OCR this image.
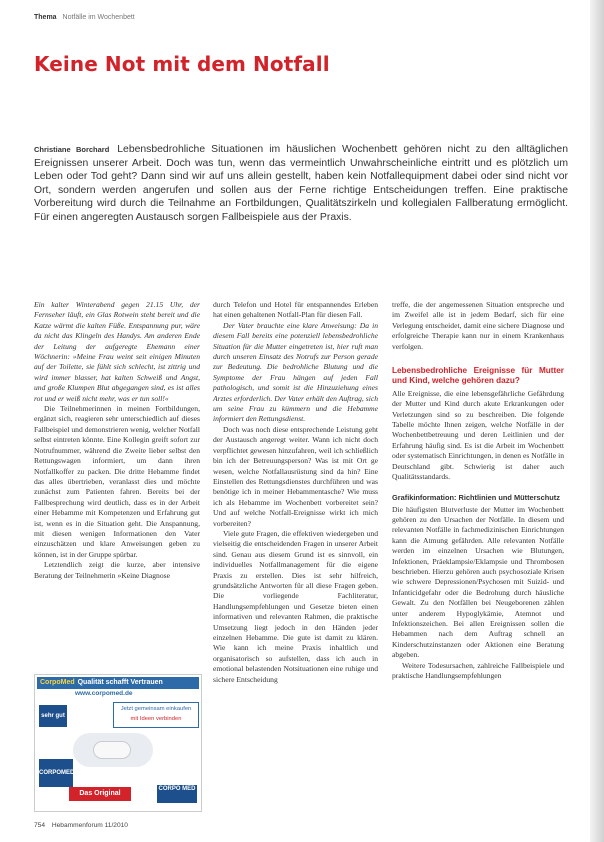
Thema Notfälle im Wochenbett
Keine Not mit dem Notfall
Christiane Borchard Lebensbedrohliche Situationen im häuslichen Wochenbett gehören nicht zu den alltäglichen Ereignissen unserer Arbeit. Doch was tun, wenn das vermeintlich Unwahrscheinliche eintritt und es plötzlich um Leben oder Tod geht? Dann sind wir auf uns allein gestellt, haben kein Notfallequipment dabei oder sind nicht vor Ort, sondern werden angerufen und sollen aus der Ferne richtige Entscheidungen treffen. Eine praktische Vorbereitung wird durch die Teilnahme an Fortbildungen, Qualitätszirkeln und kollegialen Fallberatung ermöglicht. Für einen angeregten Austausch sorgen Fallbeispiele aus der Praxis.

Ein kalter Winterabend gegen 21.15 Uhr, der Fernseher läuft, ein Glas Rotwein steht bereit und die Katze wärmt die kalten Füße. Entspannung pur, wäre da nicht das Klingeln des Handys. Am anderen Ende der Leitung der aufgeregte Ehemann einer Wöchnerin: »Meine Frau weint seit einigen Minuten auf der Toilette, sie fühlt sich schlecht, ist zittrig und wird immer blasser, hat kalten Schweiß und Angst, und große Klumpen Blut abgegangen sind, es ist alles rot und er weiß nicht mehr, was er tun soll!«

Die Teilnehmerinnen in meinen Fortbildungen, ergänzt sich, reagieren sehr unterschiedlich auf dieses Fallbeispiel und demonstrieren wenig, welcher Notfall selbst eintreten könnte. Eine Kollegin greift sofort zur Notrufnummer, während die Zweite lieber selbst den Rettungswagen informiert, um dann ihren Notfallkoffer zu packen. Die dritte Hebamme findet das alles übertrieben, veranlasst dies und möchte zunächst zum Patienten fahren. Bereits bei der Fallbesprechung wird deutlich, dass es in der Arbeit einer Hebamme mit Kompetenzen und Erfahrung gut ist, wenn es in die Situation geht. Die Anspannung, mit diesen wenigen Informationen den Vater einzuschätzen und klare Anweisungen geben zu können, ist in der Gruppe spürbar.

Letztendlich zeigt die kurze, aber intensive Beratung der Teilnehmerin »Keine Diagnose

durch Telefon und Hotel für entspannendes Erleben hat einen gehaltenen Notfall-Plan für diesen Fall.

Der Vater brauchte eine klare Anweisung: Da in diesem Fall bereits eine potenziell lebensbedrohliche Situation für die Mutter eingetreten ist, hier ruft man durch unseren Einsatz des Notrufs zur Person gerade zur Bedeutung. Die bedrohliche Blutung und die Symptome der Frau hängen auf jeden Fall pathologisch, und somit ist die Hinzuziehung eines Arztes erforderlich. Der Vater erhält den Auftrag, sich um seine Frau zu kümmern und die Hebamme informiert den Rettungsdienst.

Doch was noch diese entsprechende Leistung geht der Austausch angeregt weiter. Wann ich nicht doch verpflichtet gewesen hinzufahren, weil ich schließlich bin ich der Betreuungsperson? Was ist mit Ort ge wesen, welche Notfallausrüstung sind da hin? Eine Einstellen des Rettungsdienstes durchführen und was benötige ich in meiner Hebammentasche? Wie muss ich als Hebamme im Wochenbett vorbereitet sein? Und auf welche Notfall-Ereignisse wirkt ich mich vorbereiten?

Viele gute Fragen, die effektiven wiedergeben und vielseitig die entscheidenden Fragen in unserer Arbeit sind. Genau aus diesem Grund ist es sinnvoll, ein individuelles Notfallmanagement für die eigene Praxis zu erstellen. Dies ist sehr hilfreich, grundsätzliche Antworten für all diese Fragen geben. Die vorliegende Fachliteratur, Handlungsempfehlungen und Gesetze bieten einen informativen und relevanten Rahmen, die praktische Umsetzung liegt jedoch in den Händen jeder einzelnen Hebamme. Die gute ist damit zu klären. Wie kann ich meine Praxis inhaltlich und organisatorisch so aufstellen, dass ich auch in emotional belastenden Notsituationen eine ruhige und sichere Entscheidung

treffe, die der angemessenen Situation entspreche und im Zweifel alle ist in jedem Bedarf, sich für eine Verlegung entscheidet, damit eine sichere Diagnose und erfolgreiche Therapie kann nur in einem Krankenhaus verfolgen.

Lebensbedrohliche Ereignisse für Mutter und Kind, welche gehören dazu?

Alle Ereignisse, die eine lebensgefährliche Gefährdung der Mutter und Kind durch akute Erkrankungen oder Verletzungen sind so zu beschreiben. Die folgende Tabelle möchte Ihnen zeigen, welche Notfälle in der Wochenbettbetreuung und deren Leitlinien und der Erfahrung häufig sind. Es ist die Arbeit im Wochenbett oder systematisch Einrichtungen, in denen es Notfälle in Deutschland gibt. Schwierig ist daher auch Qualitätsstandards.

Grafikinformation: Richtlinien und Mütterschutz

Die häufigsten Blutverluste der Mutter im Wochenbett gehören zu den Ursachen der Notfälle. In diesem und relevanten Notfälle in fachmedizinischen Einrichtungen kann die Atmung gefährden. Alle relevanten Notfälle werden im einzelnen Ursachen wie Blutungen, Infektionen, Präeklampsie/Eklampsie und Thrombosen beschrieben. Hierzu gehören auch psychosoziale Krisen wie schwere Depressionen/Psychosen mit Suizid- und Infanticidgefahr oder die Bedrohung durch häusliche Gewalt. Zu den Notfällen bei Neugeborenen zählen unter anderem Hypoglykämie, Atemnot und Infektionszeichen. Bei allen Ereignissen sollen die Hebammen nach dem Auftrag schnell an Kinderschutzinstanzen oder Aktionen eine Beratung abgeben.

Weitere Todesursachen, zahlreiche Fallbeispiele und praktische Handlungsempfehlungen

CorpoMed Qualität schafft Vertrauen
www.corpomed.de
sehr gut
Jetzt gemeinsam einkaufen
mit Ideen verbinden
CORPOMED
Das Original
CORPO MED
754 Hebammenforum 11/2010
